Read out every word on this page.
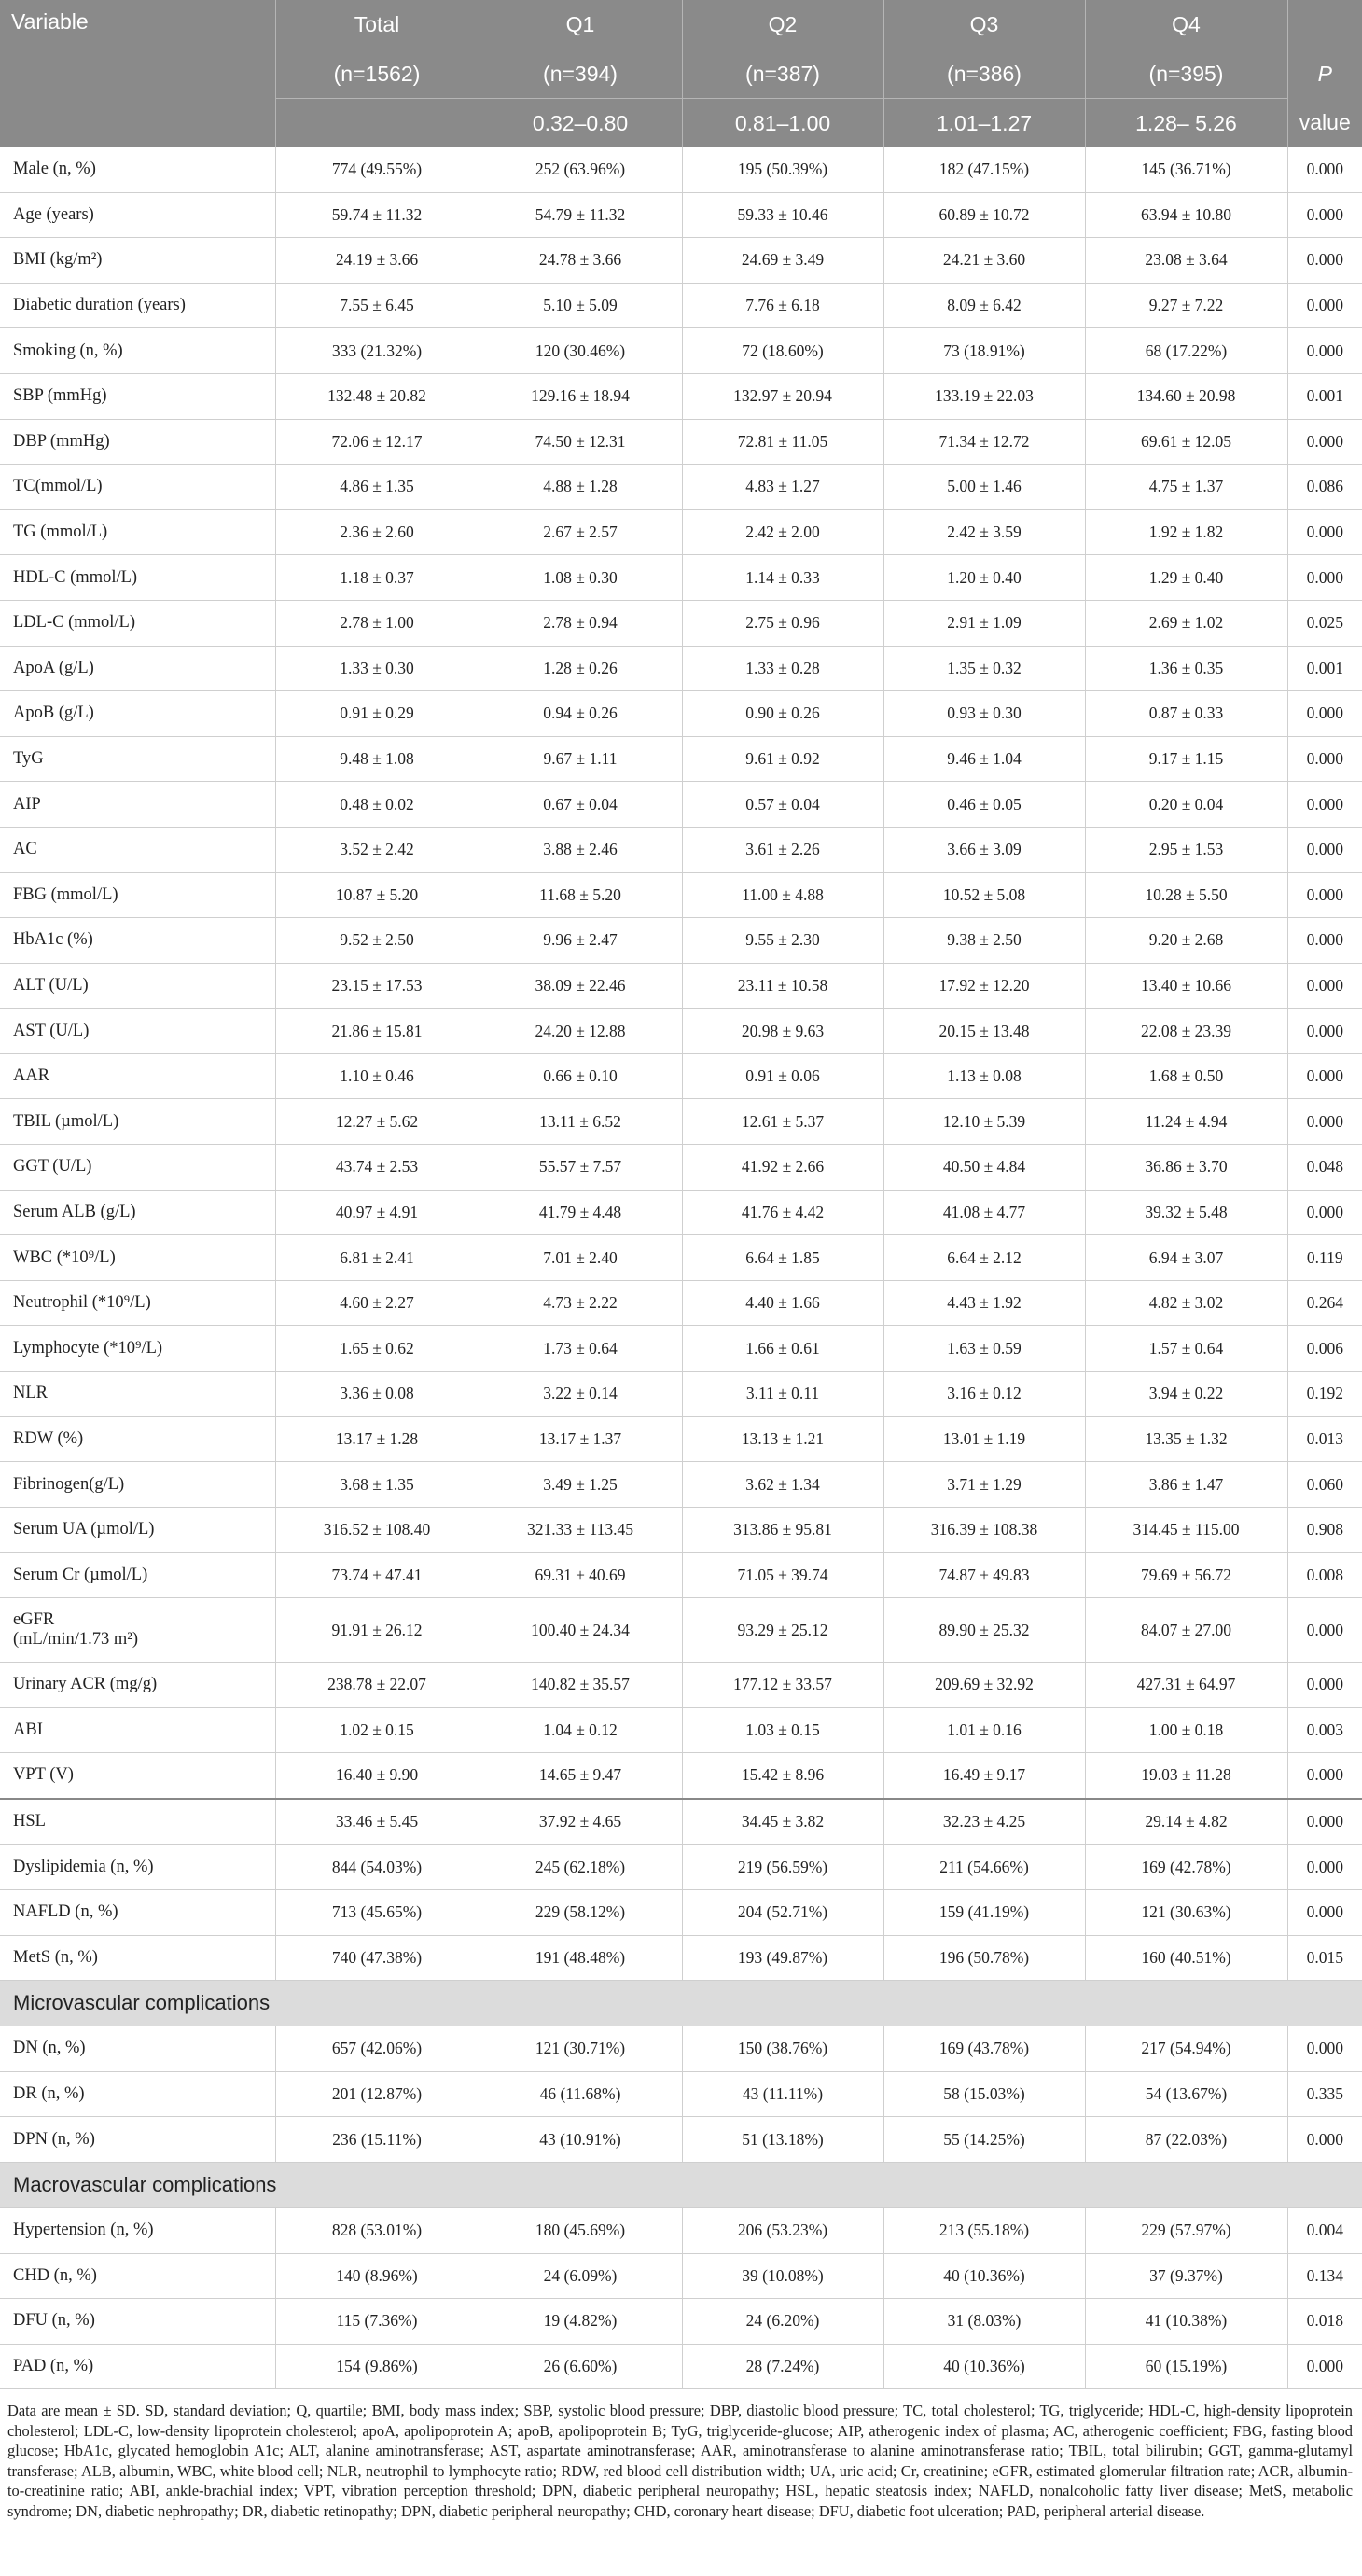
Variable	Total	Q1	Q2	Q3	Q4	
	(n=1562)	(n=394)	(n=387)	(n=386)	(n=395)	P
		0.32–0.80	0.81–1.00	1.01–1.27	1.28– 5.26	value
Male (n, %)	774 (49.55%)	252 (63.96%)	195 (50.39%)	182 (47.15%)	145 (36.71%)	0.000
Age (years)	59.74 ± 11.32	54.79 ± 11.32	59.33 ± 10.46	60.89 ± 10.72	63.94 ± 10.80	0.000
BMI (kg/m²)	24.19 ± 3.66	24.78 ± 3.66	24.69 ± 3.49	24.21 ± 3.60	23.08 ± 3.64	0.000
Diabetic duration (years)	7.55 ± 6.45	5.10 ± 5.09	7.76 ± 6.18	8.09 ± 6.42	9.27 ± 7.22	0.000
Smoking (n, %)	333 (21.32%)	120 (30.46%)	72 (18.60%)	73 (18.91%)	68 (17.22%)	0.000
SBP (mmHg)	132.48 ± 20.82	129.16 ± 18.94	132.97 ± 20.94	133.19 ± 22.03	134.60 ± 20.98	0.001
DBP (mmHg)	72.06 ± 12.17	74.50 ± 12.31	72.81 ± 11.05	71.34 ± 12.72	69.61 ± 12.05	0.000
TC(mmol/L)	4.86 ± 1.35	4.88 ± 1.28	4.83 ± 1.27	5.00 ± 1.46	4.75 ± 1.37	0.086
TG (mmol/L)	2.36 ± 2.60	2.67 ± 2.57	2.42 ± 2.00	2.42 ± 3.59	1.92 ± 1.82	0.000
HDL-C (mmol/L)	1.18 ± 0.37	1.08 ± 0.30	1.14 ± 0.33	1.20 ± 0.40	1.29 ± 0.40	0.000
LDL-C (mmol/L)	2.78 ± 1.00	2.78 ± 0.94	2.75 ± 0.96	2.91 ± 1.09	2.69 ± 1.02	0.025
ApoA (g/L)	1.33 ± 0.30	1.28 ± 0.26	1.33 ± 0.28	1.35 ± 0.32	1.36 ± 0.35	0.001
ApoB (g/L)	0.91 ± 0.29	0.94 ± 0.26	0.90 ± 0.26	0.93 ± 0.30	0.87 ± 0.33	0.000
TyG	9.48 ± 1.08	9.67 ± 1.11	9.61 ± 0.92	9.46 ± 1.04	9.17 ± 1.15	0.000
AIP	0.48 ± 0.02	0.67 ± 0.04	0.57 ± 0.04	0.46 ± 0.05	0.20 ± 0.04	0.000
AC	3.52 ± 2.42	3.88 ± 2.46	3.61 ± 2.26	3.66 ± 3.09	2.95 ± 1.53	0.000
FBG (mmol/L)	10.87 ± 5.20	11.68 ± 5.20	11.00 ± 4.88	10.52 ± 5.08	10.28 ± 5.50	0.000
HbA1c (%)	9.52 ± 2.50	9.96 ± 2.47	9.55 ± 2.30	9.38 ± 2.50	9.20 ± 2.68	0.000
ALT (U/L)	23.15 ± 17.53	38.09 ± 22.46	23.11 ± 10.58	17.92 ± 12.20	13.40 ± 10.66	0.000
AST (U/L)	21.86 ± 15.81	24.20 ± 12.88	20.98 ± 9.63	20.15 ± 13.48	22.08 ± 23.39	0.000
AAR	1.10 ± 0.46	0.66 ± 0.10	0.91 ± 0.06	1.13 ± 0.08	1.68 ± 0.50	0.000
TBIL (µmol/L)	12.27 ± 5.62	13.11 ± 6.52	12.61 ± 5.37	12.10 ± 5.39	11.24 ± 4.94	0.000
GGT (U/L)	43.74 ± 2.53	55.57 ± 7.57	41.92 ± 2.66	40.50 ± 4.84	36.86 ± 3.70	0.048
Serum ALB (g/L)	40.97 ± 4.91	41.79 ± 4.48	41.76 ± 4.42	41.08 ± 4.77	39.32 ± 5.48	0.000
WBC (*10⁹/L)	6.81 ± 2.41	7.01 ± 2.40	6.64 ± 1.85	6.64 ± 2.12	6.94 ± 3.07	0.119
Neutrophil (*10⁹/L)	4.60 ± 2.27	4.73 ± 2.22	4.40 ± 1.66	4.43 ± 1.92	4.82 ± 3.02	0.264
Lymphocyte (*10⁹/L)	1.65 ± 0.62	1.73 ± 0.64	1.66 ± 0.61	1.63 ± 0.59	1.57 ± 0.64	0.006
NLR	3.36 ± 0.08	3.22 ± 0.14	3.11 ± 0.11	3.16 ± 0.12	3.94 ± 0.22	0.192
RDW (%)	13.17 ± 1.28	13.17 ± 1.37	13.13 ± 1.21	13.01 ± 1.19	13.35 ± 1.32	0.013
Fibrinogen(g/L)	3.68 ± 1.35	3.49 ± 1.25	3.62 ± 1.34	3.71 ± 1.29	3.86 ± 1.47	0.060
Serum UA (µmol/L)	316.52 ± 108.40	321.33 ± 113.45	313.86 ± 95.81	316.39 ± 108.38	314.45 ± 115.00	0.908
Serum Cr (µmol/L)	73.74 ± 47.41	69.31 ± 40.69	71.05 ± 39.74	74.87 ± 49.83	79.69 ± 56.72	0.008
eGFR
(mL/min/1.73 m²)	91.91 ± 26.12	100.40 ± 24.34	93.29 ± 25.12	89.90 ± 25.32	84.07 ± 27.00	0.000
Urinary ACR (mg/g)	238.78 ± 22.07	140.82 ± 35.57	177.12 ± 33.57	209.69 ± 32.92	427.31 ± 64.97	0.000
ABI	1.02 ± 0.15	1.04 ± 0.12	1.03 ± 0.15	1.01 ± 0.16	1.00 ± 0.18	0.003
VPT (V)	16.40 ± 9.90	14.65 ± 9.47	15.42 ± 8.96	16.49 ± 9.17	19.03 ± 11.28	0.000
HSL	33.46 ± 5.45	37.92 ± 4.65	34.45 ± 3.82	32.23 ± 4.25	29.14 ± 4.82	0.000
Dyslipidemia (n, %)	844 (54.03%)	245 (62.18%)	219 (56.59%)	211 (54.66%)	169 (42.78%)	0.000
NAFLD (n, %)	713 (45.65%)	229 (58.12%)	204 (52.71%)	159 (41.19%)	121 (30.63%)	0.000
MetS (n, %)	740 (47.38%)	191 (48.48%)	193 (49.87%)	196 (50.78%)	160 (40.51%)	0.015
Microvascular complications						
DN (n, %)	657 (42.06%)	121 (30.71%)	150 (38.76%)	169 (43.78%)	217 (54.94%)	0.000
DR (n, %)	201 (12.87%)	46 (11.68%)	43 (11.11%)	58 (15.03%)	54 (13.67%)	0.335
DPN (n, %)	236 (15.11%)	43 (10.91%)	51 (13.18%)	55 (14.25%)	87 (22.03%)	0.000
Macrovascular complications						
Hypertension (n, %)	828 (53.01%)	180 (45.69%)	206 (53.23%)	213 (55.18%)	229 (57.97%)	0.004
CHD (n, %)	140 (8.96%)	24 (6.09%)	39 (10.08%)	40 (10.36%)	37 (9.37%)	0.134
DFU (n, %)	115 (7.36%)	19 (4.82%)	24 (6.20%)	31 (8.03%)	41 (10.38%)	0.018
PAD (n, %)	154 (9.86%)	26 (6.60%)	28 (7.24%)	40 (10.36%)	60 (15.19%)	0.000
Data are mean ± SD. SD, standard deviation; Q, quartile; BMI, body mass index; SBP, systolic blood pressure; DBP, diastolic blood pressure; TC, total cholesterol; TG, triglyceride; HDL-C, high-density lipoprotein cholesterol; LDL-C, low-density lipoprotein cholesterol; apoA, apolipoprotein A; apoB, apolipoprotein B; TyG, triglyceride-glucose; AIP, atherogenic index of plasma; AC, atherogenic coefficient; FBG, fasting blood glucose; HbA1c, glycated hemoglobin A1c; ALT, alanine aminotransferase; AST, aspartate aminotransferase; AAR, aminotransferase to alanine aminotransferase ratio; TBIL, total bilirubin; GGT, gamma-glutamyl transferase; ALB, albumin, WBC, white blood cell; NLR, neutrophil to lymphocyte ratio; RDW, red blood cell distribution width; UA, uric acid; Cr, creatinine; eGFR, estimated glomerular filtration rate; ACR, albumin- to-creatinine ratio; ABI, ankle-brachial index; VPT, vibration perception threshold; DPN, diabetic peripheral neuropathy; HSL, hepatic steatosis index; NAFLD, nonalcoholic fatty liver disease; MetS, metabolic syndrome; DN, diabetic nephropathy; DR, diabetic retinopathy; DPN, diabetic peripheral neuropathy; CHD, coronary heart disease; DFU, diabetic foot ulceration; PAD, peripheral arterial disease.
